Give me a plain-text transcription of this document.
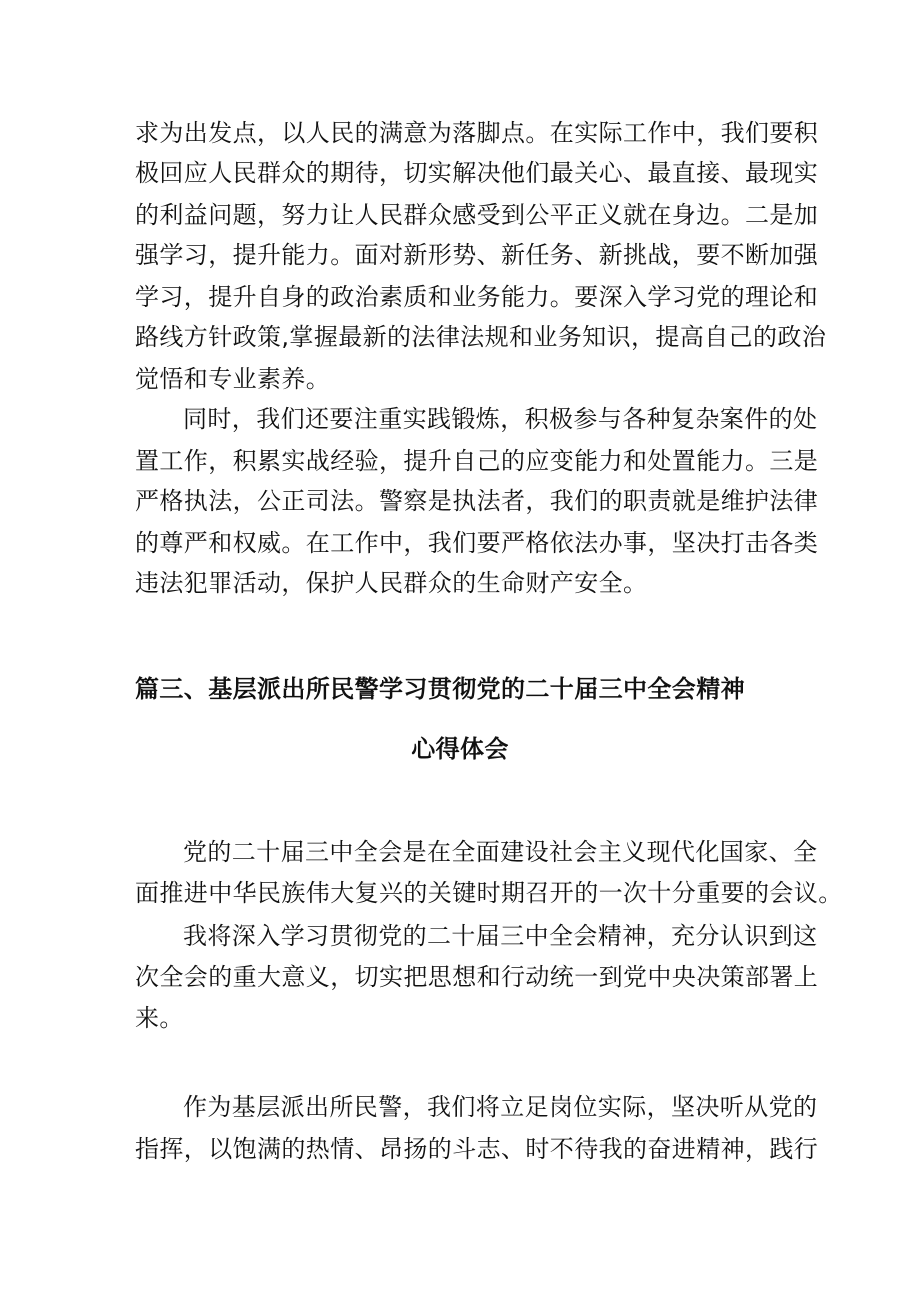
求为出发点，以人民的满意为落脚点。在实际工作中，我们要积
极回应人民群众的期待，切实解决他们最关心、最直接、最现实
的利益问题，努力让人民群众感受到公平正义就在身边。二是加
强学习，提升能力。面对新形势、新任务、新挑战，要不断加强
学习，提升自身的政治素质和业务能力。要深入学习党的理论和
路线方针政策,掌握最新的法律法规和业务知识，提高自己的政治
觉悟和专业素养。
同时，我们还要注重实践锻炼，积极参与各种复杂案件的处
置工作，积累实战经验，提升自己的应变能力和处置能力。三是
严格执法，公正司法。警察是执法者，我们的职责就是维护法律
的尊严和权威。在工作中，我们要严格依法办事，坚决打击各类
违法犯罪活动，保护人民群众的生命财产安全。
篇三、基层派出所民警学习贯彻党的二十届三中全会精神
心得体会
党的二十届三中全会是在全面建设社会主义现代化国家、全
面推进中华民族伟大复兴的关键时期召开的一次十分重要的会议。
我将深入学习贯彻党的二十届三中全会精神，充分认识到这
次全会的重大意义，切实把思想和行动统一到党中央决策部署上
来。
作为基层派出所民警，我们将立足岗位实际，坚决听从党的
指挥，以饱满的热情、昂扬的斗志、时不待我的奋进精神，践行
